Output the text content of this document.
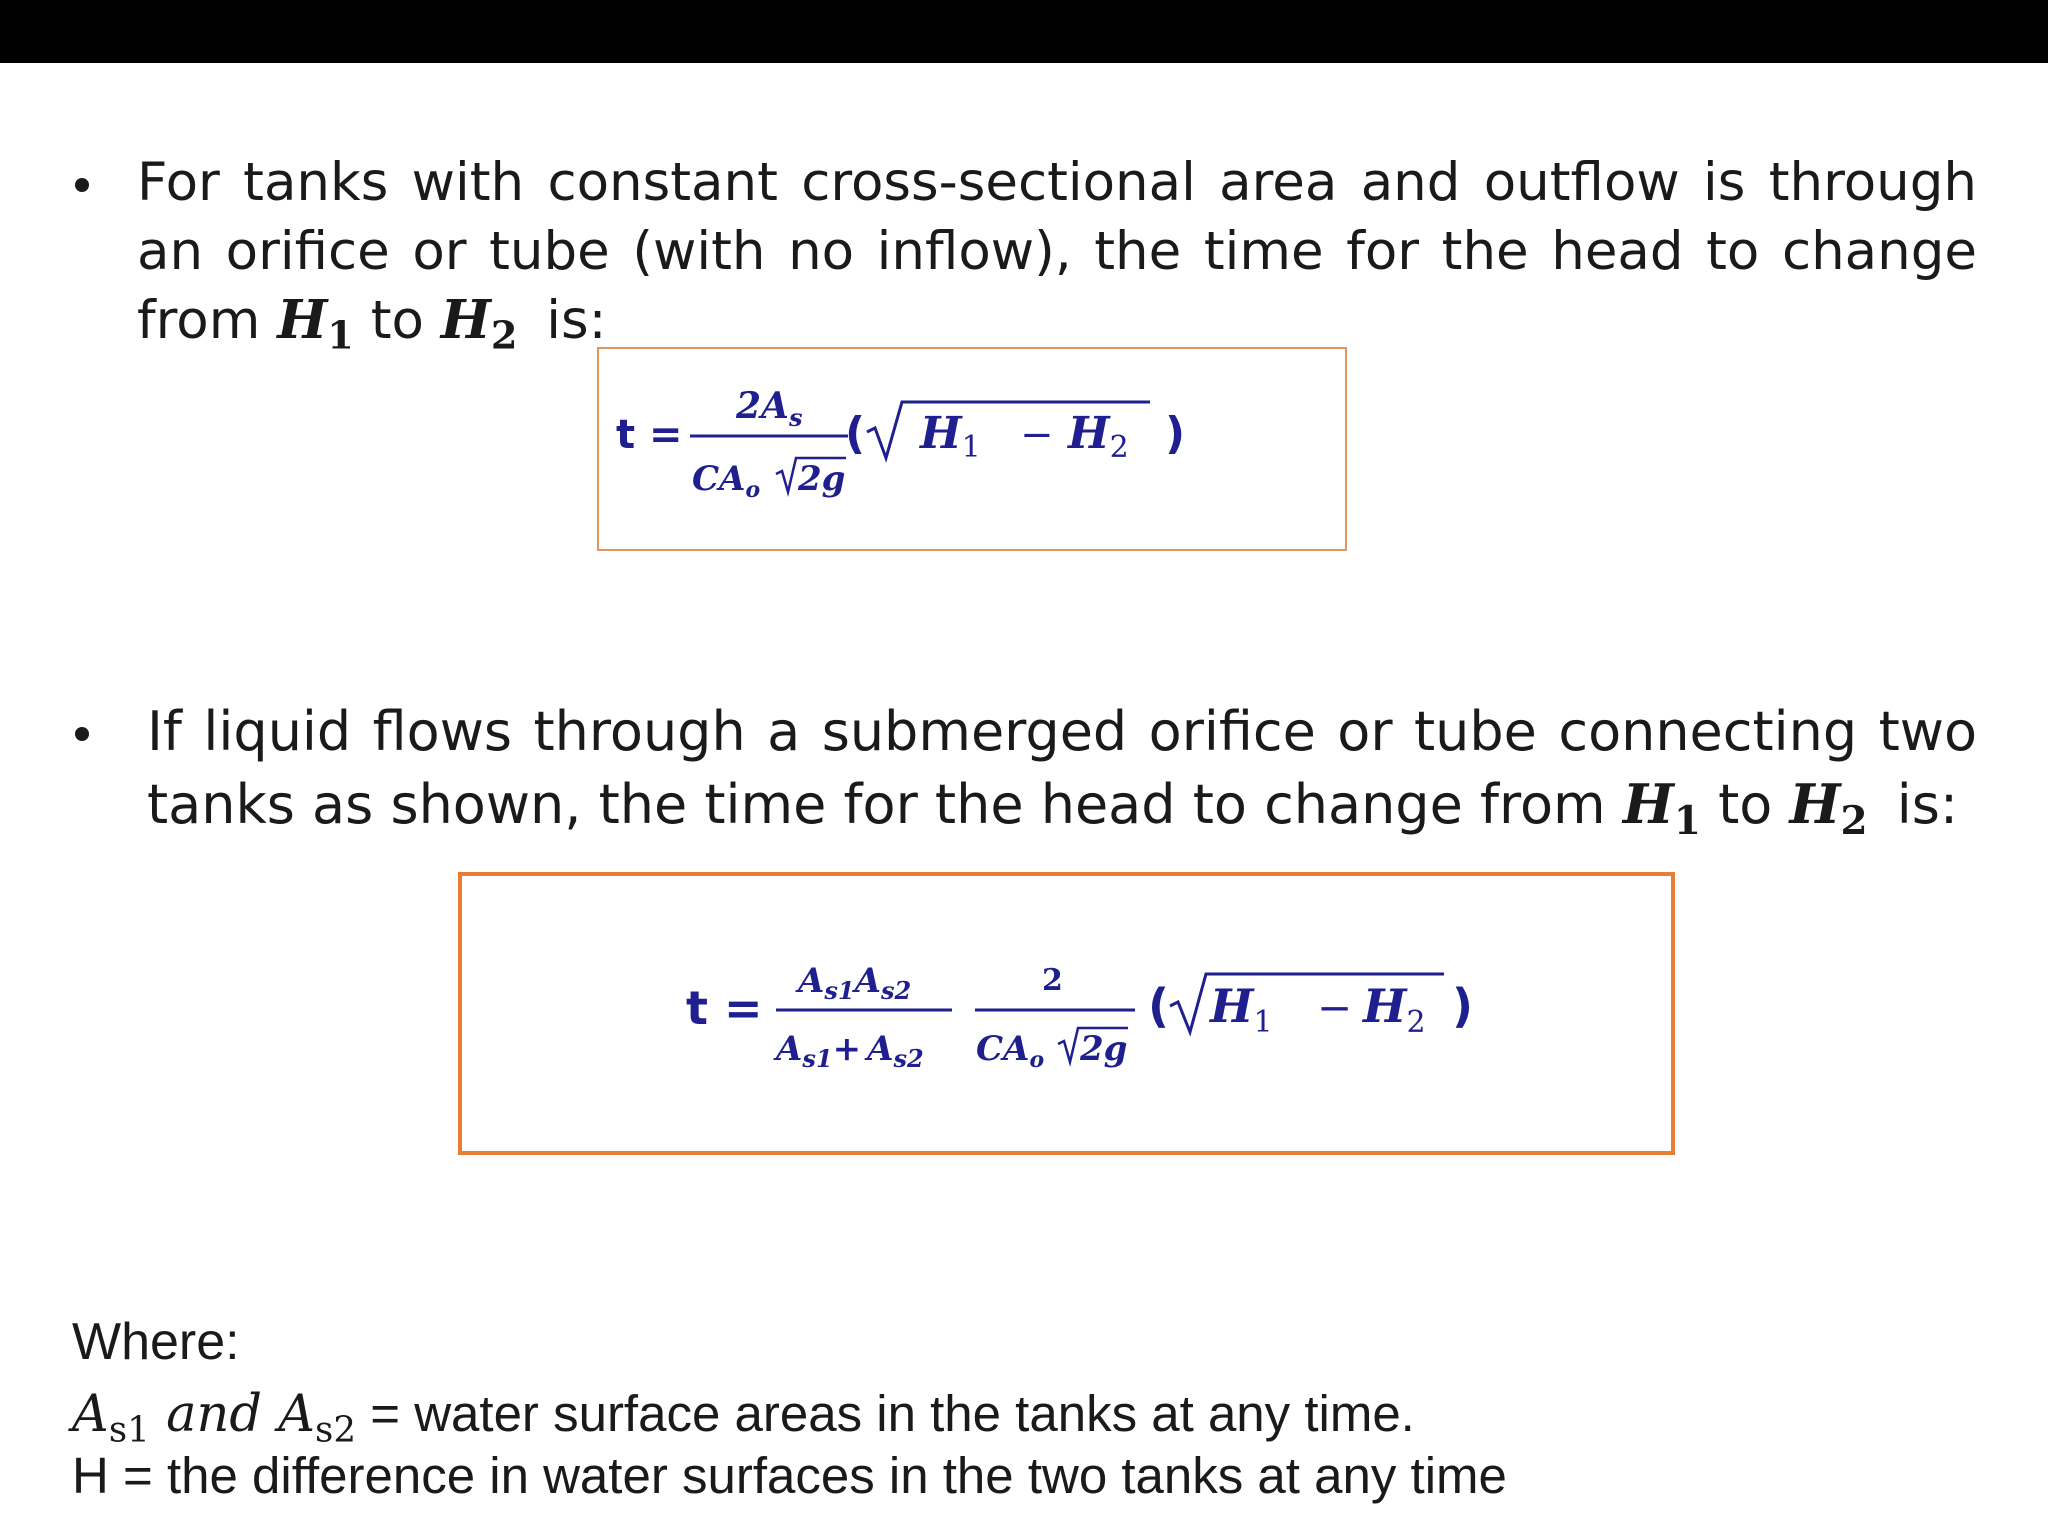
For tanks with constant cross-sectional area and outflow is through an orifice or tube (with no inflow), the time for the head to change from $H_1$ to $H_2$ is:
t =
$2A_s$
$CA_o$ 2g
( $H_1 - H_2$ )
If liquid flows through a submerged orifice or tube connecting two tanks as shown, the time for the head to change from $H_1$ to $H_2$ is:
$t = A_{s1}A_{s2}$
$A_{s1}+ A_{s2}$
2
$CA_o$ 2g
( $H_1 - H_2$ )
Where:
$A_{s1}$ and $A_{s2}$ = water surface areas in the tanks at any time.
H = the difference in water surfaces in the two tanks at any time
